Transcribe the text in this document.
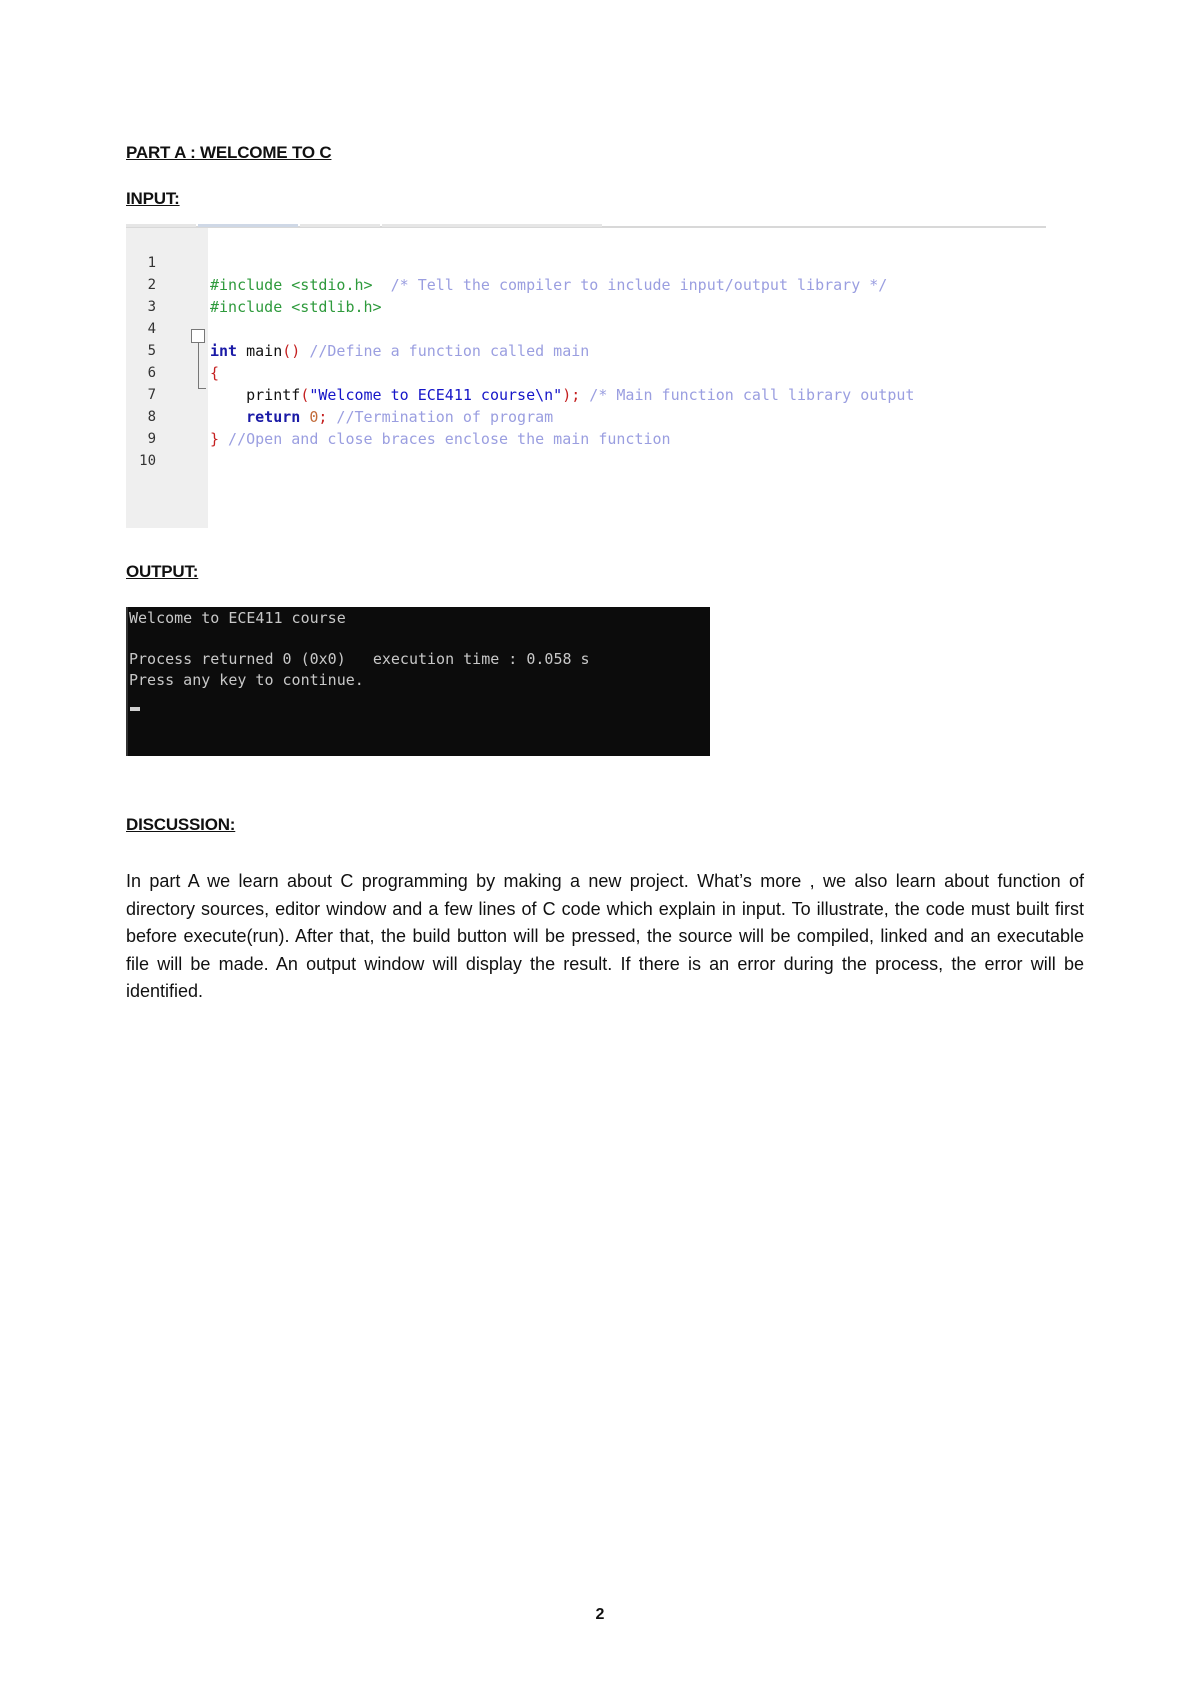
PART A : WELCOME TO C
INPUT:

1

#include <stdio.h>  /* Tell the compiler to include input/output library */

2

#include <stdlib.h>

3

4

int main() //Define a function called main

5

{

6

printf("Welcome to ECE411 course\n"); /* Main function call library output

7

return 0; //Termination of program

8

} //Open and close braces enclose the main function

9

10

OUTPUT:
Welcome to ECE411 course
Process returned 0 (0x0)   execution time : 0.058 s
Press any key to continue.
DISCUSSION:
In part A we learn about C programming by making a new project. What’s more , we also learn about function of directory sources, editor window and a few lines of C code which explain in input. To illustrate, the code must built first before execute(run). After that, the build button will be pressed, the source will be compiled, linked and an executable file will be made. An output window will display the result. If there is an error during the process, the error will be identified.
2
